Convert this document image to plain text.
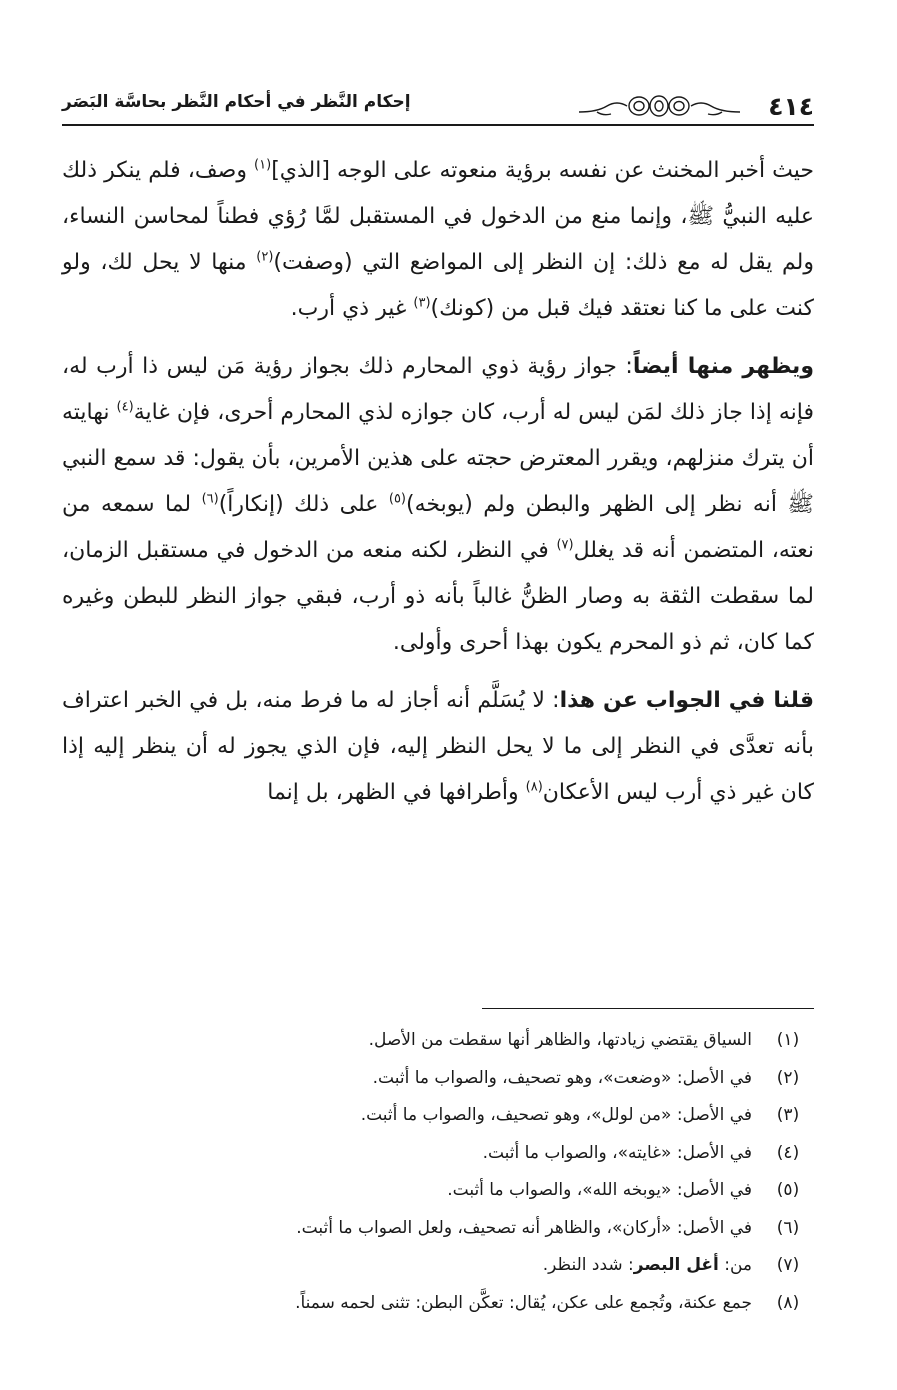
٤١٤
إحكام النَّظر في أحكام النَّظر بحاسَّة البَصَر

حيث أخبر المخنث عن نفسه برؤية منعوته على الوجه [الذي]$^{(١)}$ وصف، فلم ينكر ذلك عليه النبيُّ ﷺ، وإنما منع من الدخول في المستقبل لمَّا رُؤي فطناً لمحاسن النساء، ولم يقل له مع ذلك: إن النظر إلى المواضع التي (وصفت)$^{(٢)}$ منها لا يحل لك، ولو كنت على ما كنا نعتقد فيك قبل من (كونك)$^{(٣)}$ غير ذي أرب.

ويظهر منها أيضاً: جواز رؤية ذوي المحارم ذلك بجواز رؤية مَن ليس ذا أرب له، فإنه إذا جاز ذلك لمَن ليس له أرب، كان جوازه لذي المحارم أحرى، فإن غاية$^{(٤)}$ نهايته أن يترك منزلهم، ويقرر المعترض حجته على هذين الأمرين، بأن يقول: قد سمع النبي ﷺ أنه نظر إلى الظهر والبطن ولم (يوبخه)$^{(٥)}$ على ذلك (إنكاراً)$^{(٦)}$ لما سمعه من نعته، المتضمن أنه قد يغلل$^{(٧)}$ في النظر، لكنه منعه من الدخول في مستقبل الزمان، لما سقطت الثقة به وصار الظنُّ غالباً بأنه ذو أرب، فبقي جواز النظر للبطن وغيره كما كان، ثم ذو المحرم يكون بهذا أحرى وأولى.

قلنا في الجواب عن هذا: لا يُسَلَّم أنه أجاز له ما فرط منه، بل في الخبر اعتراف بأنه تعدَّى في النظر إلى ما لا يحل النظر إليه، فإن الذي يجوز له أن ينظر إليه إذا كان غير ذي أرب ليس الأعكان$^{(٨)}$ وأطرافها في الظهر، بل إنما

(١)
السياق يقتضي زيادتها، والظاهر أنها سقطت من الأصل.
(٢)
في الأصل: «وضعت»، وهو تصحيف، والصواب ما أثبت.
(٣)
في الأصل: «من لولل»، وهو تصحيف، والصواب ما أثبت.
(٤)
في الأصل: «غايته»، والصواب ما أثبت.
(٥)
في الأصل: «يوبخه الله»، والصواب ما أثبت.
(٦)
في الأصل: «أركان»، والظاهر أنه تصحيف، ولعل الصواب ما أثبت.
(٧)
من: أغل البصر: شدد النظر.
(٨)
جمع عكنة، وتُجمع على عكن، يُقال: تعكَّن البطن: تثنى لحمه سمناً.
